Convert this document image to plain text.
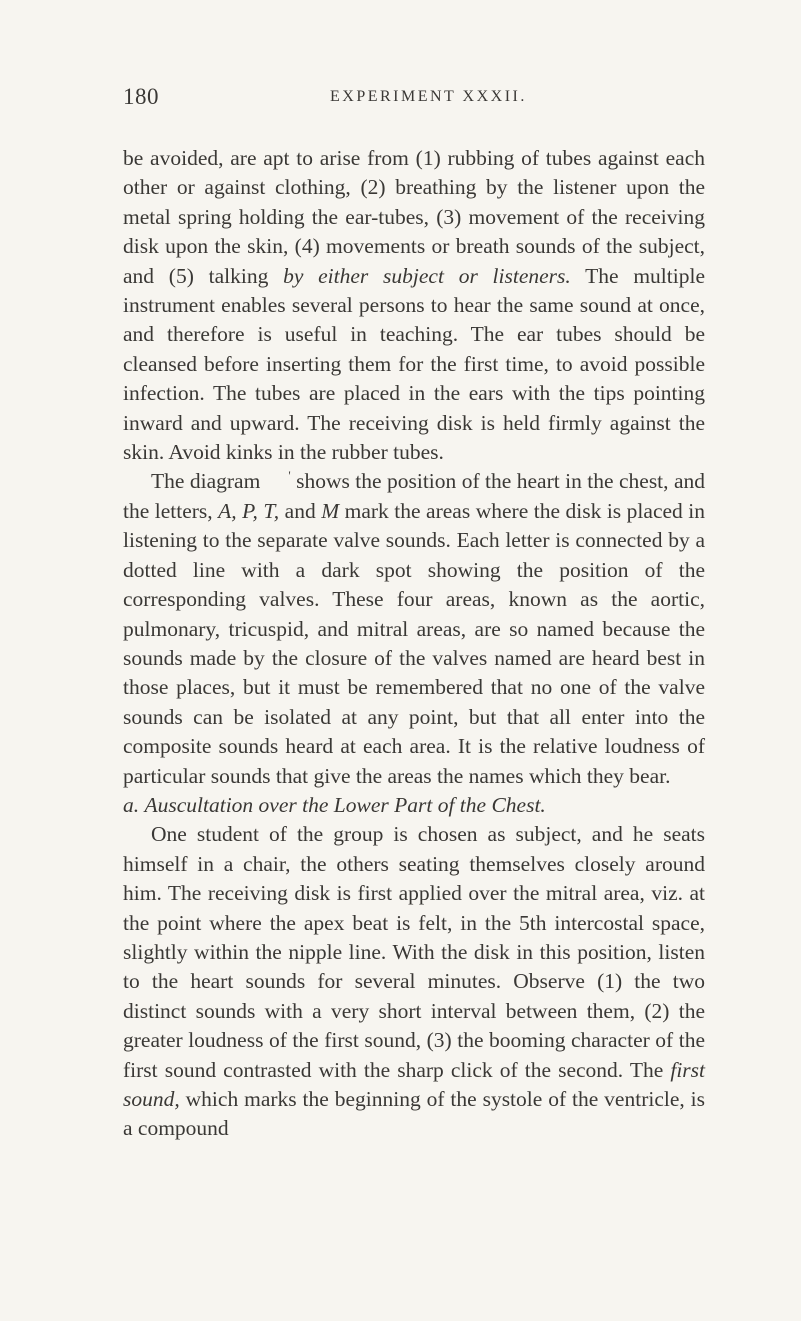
180	EXPERIMENT XXXII.

be avoided, are apt to arise from (1) rubbing of tubes against each other or against clothing, (2) breathing by the listener upon the metal spring holding the ear-tubes, (3) movement of the receiving disk upon the skin, (4) movements or breath sounds of the subject, and (5) talking by either subject or listeners. The multiple instrument enables several persons to hear the same sound at once, and therefore is useful in teaching. The ear tubes should be cleansed before inserting them for the first time, to avoid possible infection. The tubes are placed in the ears with the tips pointing inward and upward. The receiving disk is held firmly against the skin. Avoid kinks in the rubber tubes.

The diagram ' shows the position of the heart in the chest, and the letters, A, P, T, and M mark the areas where the disk is placed in listening to the separate valve sounds. Each letter is connected by a dotted line with a dark spot showing the position of the corresponding valves. These four areas, known as the aortic, pulmonary, tricuspid, and mitral areas, are so named because the sounds made by the closure of the valves named are heard best in those places, but it must be remembered that no one of the valve sounds can be isolated at any point, but that all enter into the composite sounds heard at each area. It is the relative loudness of particular sounds that give the areas the names which they bear.

a. Auscultation over the Lower Part of the Chest.

One student of the group is chosen as subject, and he seats himself in a chair, the others seating themselves closely around him. The receiving disk is first applied over the mitral area, viz. at the point where the apex beat is felt, in the 5th intercostal space, slightly within the nipple line. With the disk in this position, listen to the heart sounds for several minutes. Observe (1) the two distinct sounds with a very short interval between them, (2) the greater loudness of the first sound, (3) the booming character of the first sound contrasted with the sharp click of the second. The first sound, which marks the beginning of the systole of the ventricle, is a compound
